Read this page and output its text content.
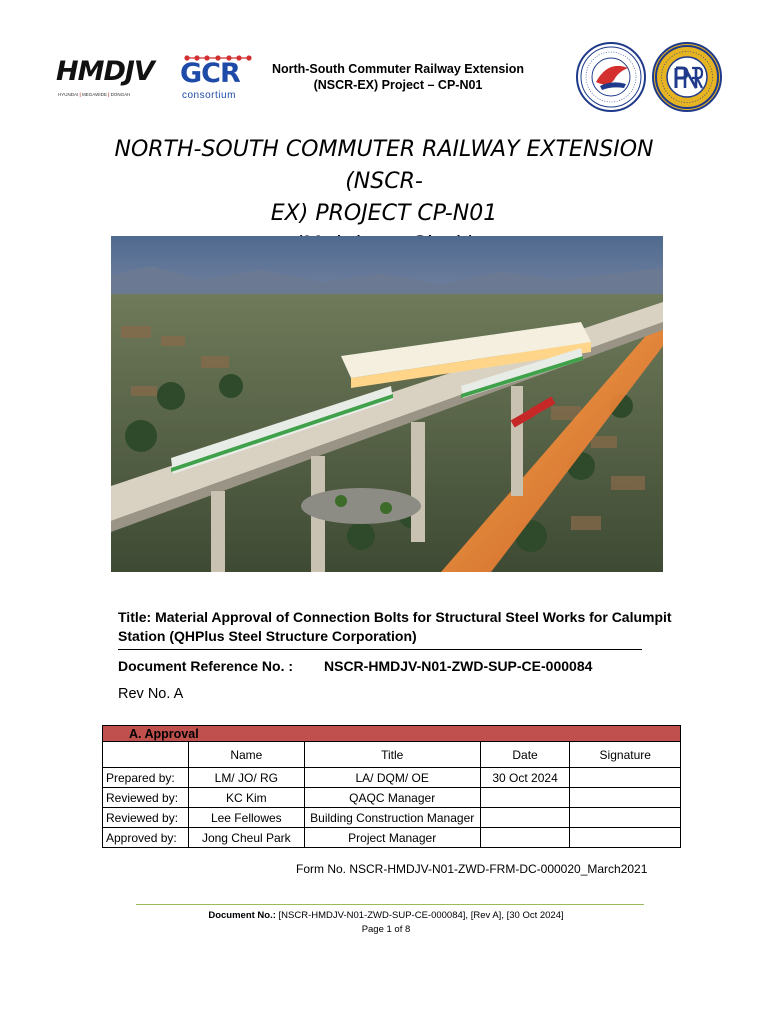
HMDJV
HYUNDAI | MEGAWIDE | DONGAH
GCR
consortium
North-South Commuter Railway Extension
(NSCR-EX) Project – CP-N01
NORTH-SOUTH COMMUTER RAILWAY EXTENSION (NSCR-
EX) PROJECT CP-N01
Title: Material Approval of Connection Bolts for Structural Steel Works for Calumpit Station (QHPlus Steel Structure Corporation)
Document Reference No. : NSCR-HMDJV-N01-ZWD-SUP-CE-000084
Rev No. A
A. Approval				
	Name	Title	Date	Signature
Prepared by:	LM/ JO/ RG	LA/ DQM/ OE	30 Oct 2024	
Reviewed by:	KC Kim	QAQC Manager		
Reviewed by:	Lee Fellowes	Building Construction Manager		
Approved by:	Jong Cheul Park	Project Manager		
Form No. NSCR-HMDJV-N01-ZWD-FRM-DC-000020_March2021
Document No.: [NSCR-HMDJV-N01-ZWD-SUP-CE-000084], [Rev A], [30 Oct 2024]
Page 1 of 8
